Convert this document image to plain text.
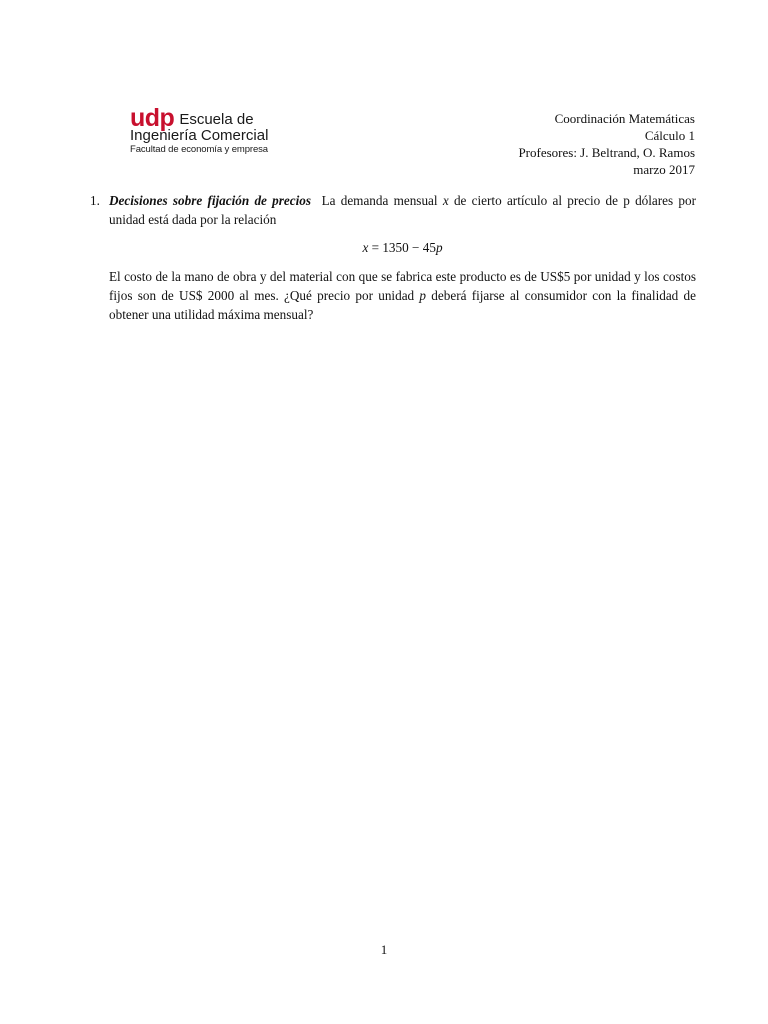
udp Escuela de
Ingeniería Comercial
Facultad de economía y empresa
Coordinación Matemáticas
Cálculo 1
Profesores: J. Beltrand, O. Ramos
marzo 2017
1. Decisiones sobre fijación de precios La demanda mensual x de cierto artículo al precio de p dólares por unidad está dada por la relación
x = 1350 − 45p
El costo de la mano de obra y del material con que se fabrica este producto es de US$5 por unidad y los costos fijos son de US$ 2000 al mes. ¿Qué precio por unidad p deberá fijarse al consumidor con la finalidad de obtener una utilidad máxima mensual?
1
